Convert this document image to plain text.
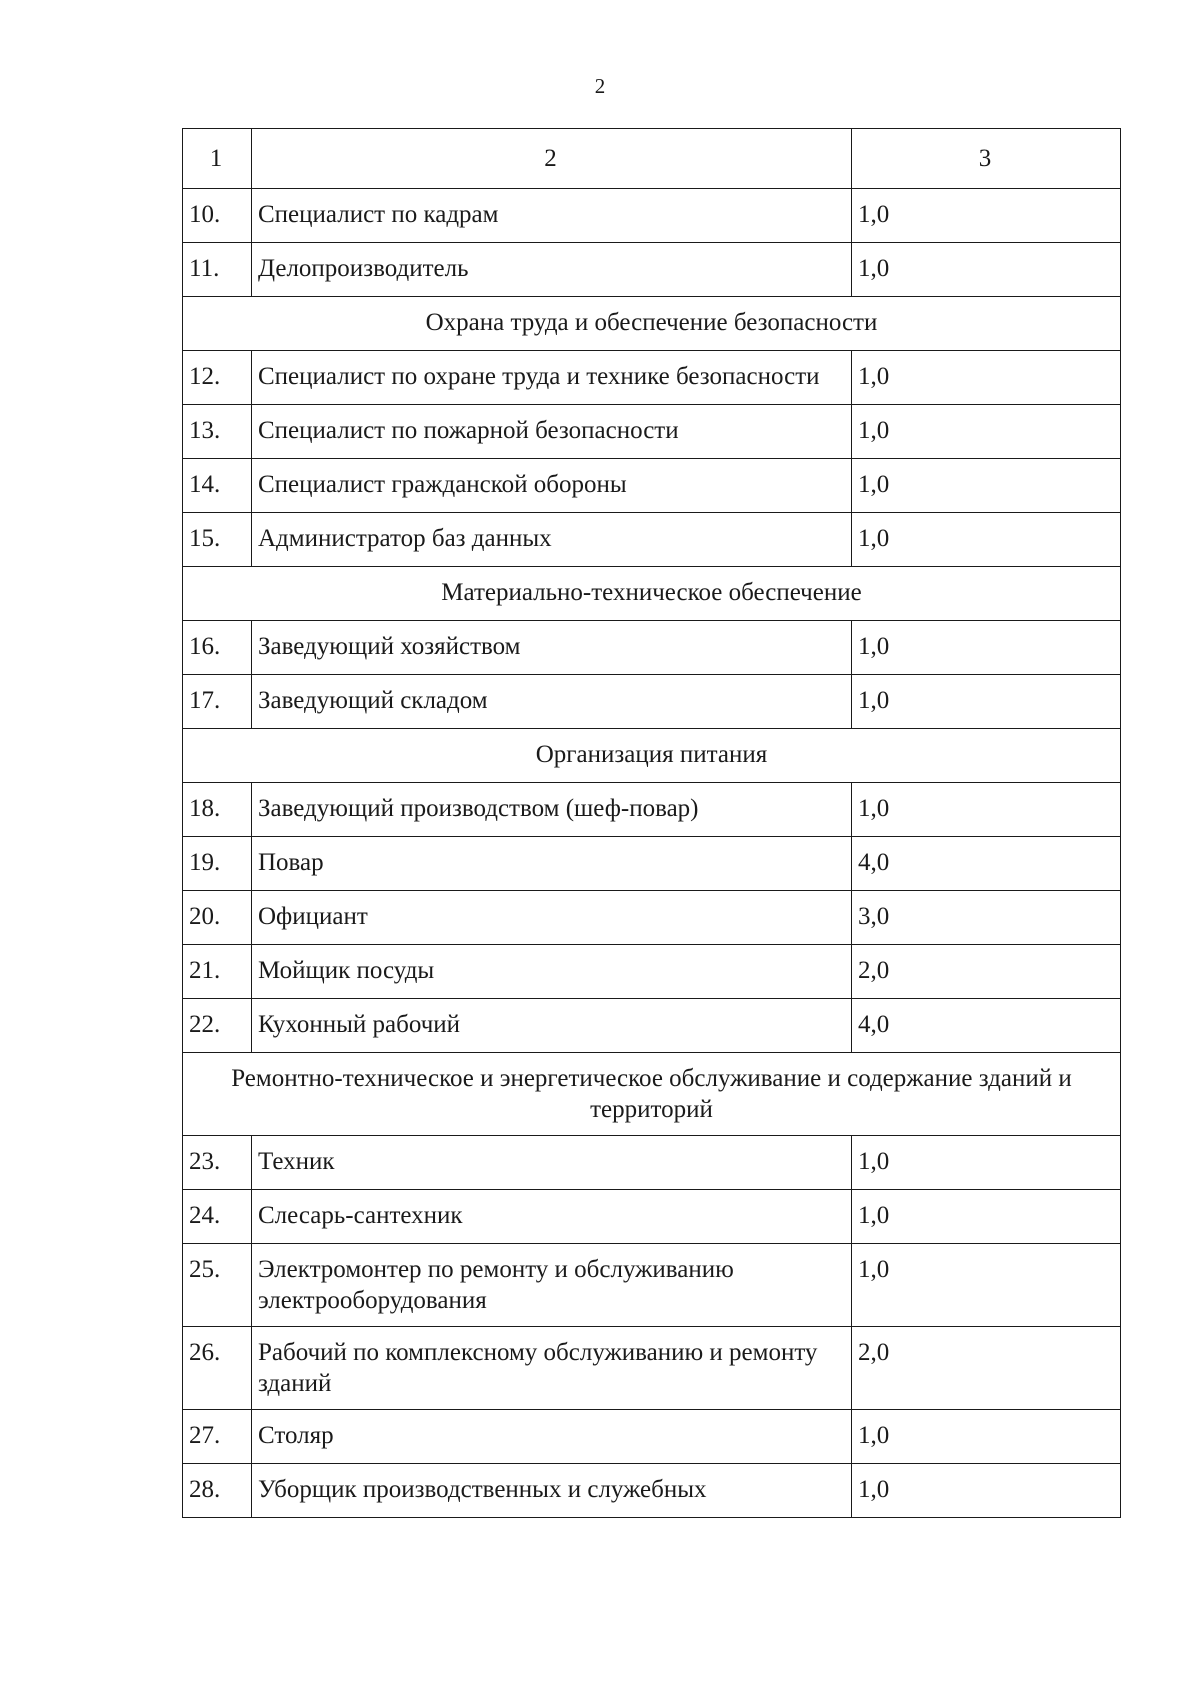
2
1	2	3
10.	Специалист по кадрам	1,0
11.	Делопроизводитель	1,0
Охрана труда и обеспечение безопасности		
12.	Специалист по охране труда и технике безопасности	1,0
13.	Специалист по пожарной безопасности	1,0
14.	Специалист гражданской обороны	1,0
15.	Администратор баз данных	1,0
Материально-техническое обеспечение		
16.	Заведующий хозяйством	1,0
17.	Заведующий складом	1,0
Организация питания		
18.	Заведующий производством (шеф-повар)	1,0
19.	Повар	4,0
20.	Официант	3,0
21.	Мойщик посуды	2,0
22.	Кухонный рабочий	4,0
Ремонтно-техническое и энергетическое обслуживание и содержание зданий и территорий		
23.	Техник	1,0
24.	Слесарь-сантехник	1,0
25.	Электромонтер по ремонту и обслуживанию электрооборудования	1,0
26.	Рабочий по комплексному обслуживанию и ремонту зданий	2,0
27.	Столяр	1,0
28.	Уборщик производственных и служебных	1,0
